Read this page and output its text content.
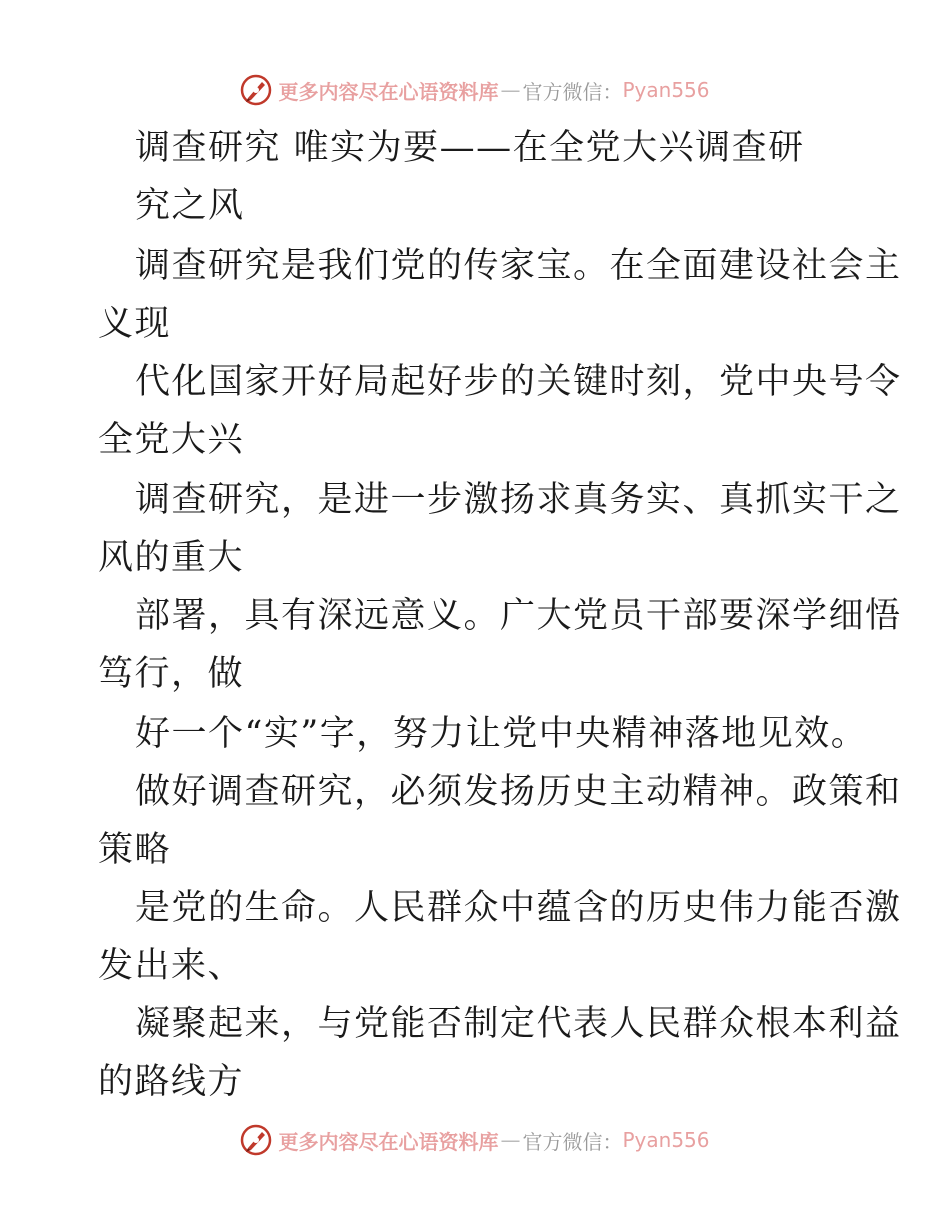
更多内容尽在心语资料库 — 官方微信： Pyan556
调查研究 唯实为要——在全党大兴调查研
究之风
调查研究是我们党的传家宝。在全面建设社会主
义现
代化国家开好局起好步的关键时刻，党中央号令
全党大兴
调查研究，是进一步激扬求真务实、真抓实干之
风的重大
部署，具有深远意义。广大党员干部要深学细悟
笃行，做
好一个“实”字，努力让党中央精神落地见效。
做好调查研究，必须发扬历史主动精神。政策和
策略
是党的生命。人民群众中蕴含的历史伟力能否激
发出来、
凝聚起来，与党能否制定代表人民群众根本利益
的路线方
更多内容尽在心语资料库 — 官方微信： Pyan556
